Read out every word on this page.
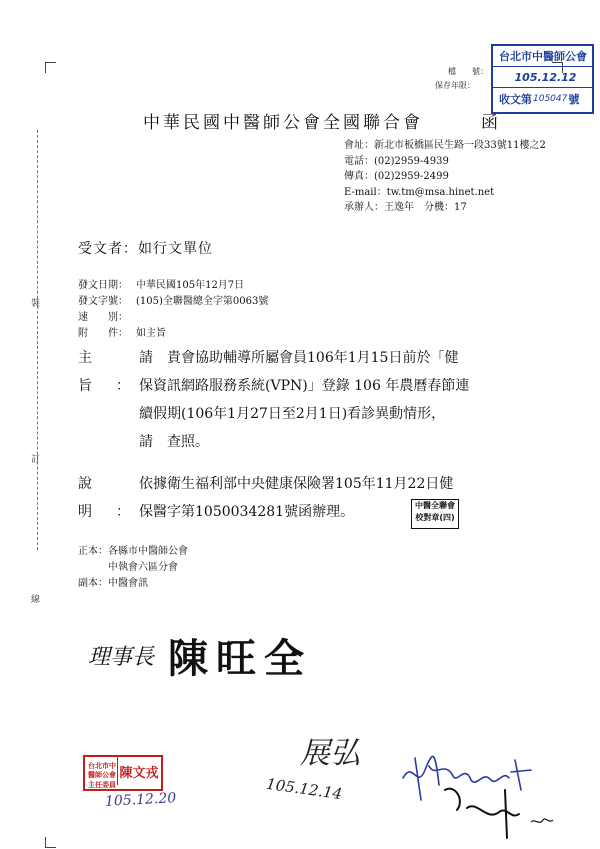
裝
訂
線
檔　　號：
保存年限：
台北市中醫師公會
105.12.12
收文第 105047 號
中華民國中醫師公會全國聯合會	函
會址：新北市板橋區民生路一段33號11樓之2
電話：(02)2959-4939
傳真：(02)2959-2499
E-mail：tw.tm@msa.hinet.net
承辦人：王逸年　分機：17
受文者：如行文單位
發文日期： 中華民國105年12月7日
發文字號： (105)全聯醫總全字第0063號
速　　別：
附　　件： 如主旨
主旨：
請　貴會協助輔導所屬會員106年1月15日前於「健
保資訊網路服務系統(VPN)」登錄 106 年農曆春節連
續假期(106年1月27日至2月1日)看診異動情形，
請　查照。
說明：
依據衛生福利部中央健康保險署105年11月22日健
保醫字第1050034281號函辦理。	中醫全聯會
校對章(四)
正本：各縣市中醫師公會
中執會六區分會
副本：中醫會訊
理事長 陳旺全
台北市中醫師公會
主任委員
陳文戎
105.12.20
展弘
105.12.14
